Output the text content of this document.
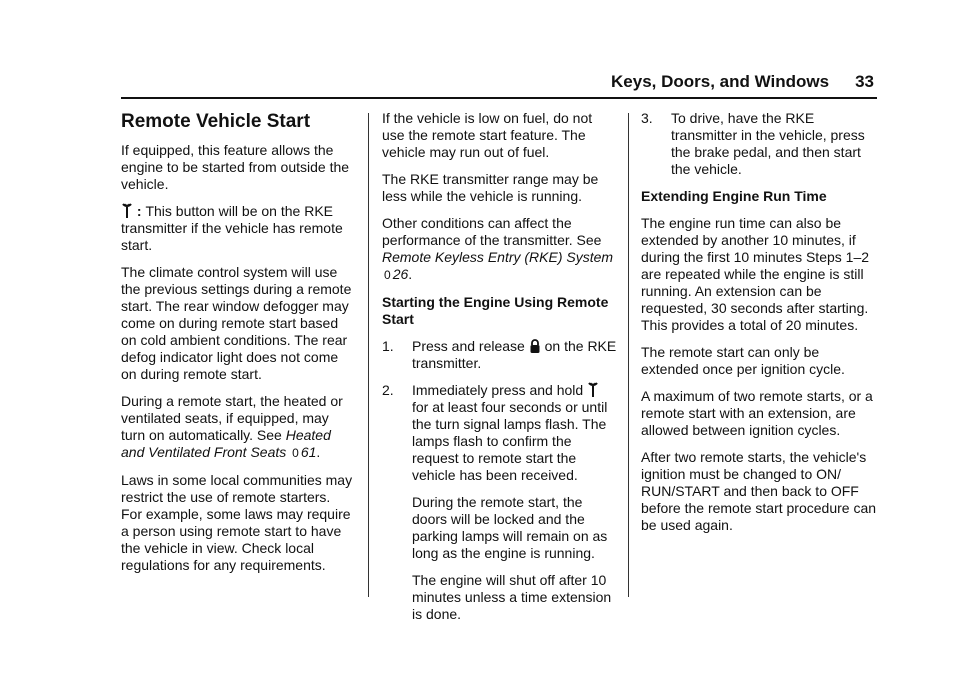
Keys, Doors, and Windows 33
Remote Vehicle Start

If equipped, this feature allows the engine to be started from outside the vehicle.

: This button will be on the RKE transmitter if the vehicle has remote start.

The climate control system will use the previous settings during a remote start. The rear window defogger may come on during remote start based on cold ambient conditions. The rear defog indicator light does not come on during remote start.

During a remote start, the heated or ventilated seats, if equipped, may turn on automatically. See Heated and Ventilated Front Seats 0 61.

Laws in some local communities may restrict the use of remote starters. For example, some laws may require a person using remote start to have the vehicle in view. Check local regulations for any requirements.

If the vehicle is low on fuel, do not use the remote start feature. The vehicle may run out of fuel.

The RKE transmitter range may be less while the vehicle is running.

Other conditions can affect the performance of the transmitter. See Remote Keyless Entry (RKE) System 0 26.

Starting the Engine Using Remote Start
1. Press and release
on the RKE transmitter.

2. Immediately press and hold
for at least four seconds or until the turn signal lamps flash. The lamps flash to confirm the request to remote start the vehicle has been received.

During the remote start, the doors will be locked and the parking lamps will remain on as long as the engine is running.

The engine will shut off after 10 minutes unless a time extension is done.

3. To drive, have the RKE transmitter in the vehicle, press the brake pedal, and then start the vehicle.

Extending Engine Run Time

The engine run time can also be extended by another 10 minutes, if during the first 10 minutes Steps 1–2 are repeated while the engine is still running. An extension can be requested, 30 seconds after starting. This provides a total of 20 minutes.

The remote start can only be extended once per ignition cycle.

A maximum of two remote starts, or a remote start with an extension, are allowed between ignition cycles.

After two remote starts, the vehicle's ignition must be changed to ON/ RUN/START and then back to OFF before the remote start procedure can be used again.
